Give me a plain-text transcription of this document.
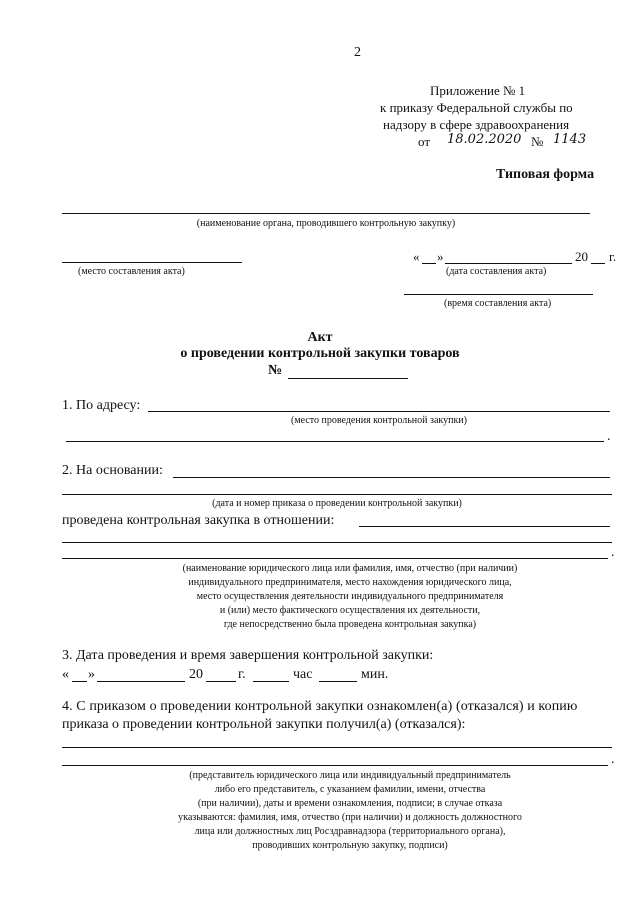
2
Приложение № 1
к приказу Федеральной службы по
надзору в сфере здравоохранения
от 18.02.2020 № 1143
Типовая форма
(наименование органа, проводившего контрольную закупку)
(место составления акта)
« »	20 г.
(дата составления акта)
(время составления акта)
Акт
о проведении контрольной закупки товаров
№
1. По адресу:
(место проведения контрольной закупки)
.
2. На основании:
(дата и номер приказа о проведении контрольной закупки)
проведена контрольная закупка в отношении:
.
(наименование юридического лица или фамилия, имя, отчество (при наличии)
индивидуального предпринимателя, место нахождения юридического лица,
место осуществления деятельности индивидуального предпринимателя
и (или) место фактического осуществления их деятельности,
где непосредственно была проведена контрольная закупка)
3. Дата проведения и время завершения контрольной закупки:
« »	20	г.	час	мин.
4. С приказом о проведении контрольной закупки ознакомлен(а) (отказался) и копию
приказа о проведении контрольной закупки получил(а) (отказался):
.
(представитель юридического лица или индивидуальный предприниматель
либо его представитель, с указанием фамилии, имени, отчества
(при наличии), даты и времени ознакомления, подписи; в случае отказа
указываются: фамилия, имя, отчество (при наличии) и должность должностного
лица или должностных лиц Росздравнадзора (территориального органа),
проводивших контрольную закупку, подписи)
